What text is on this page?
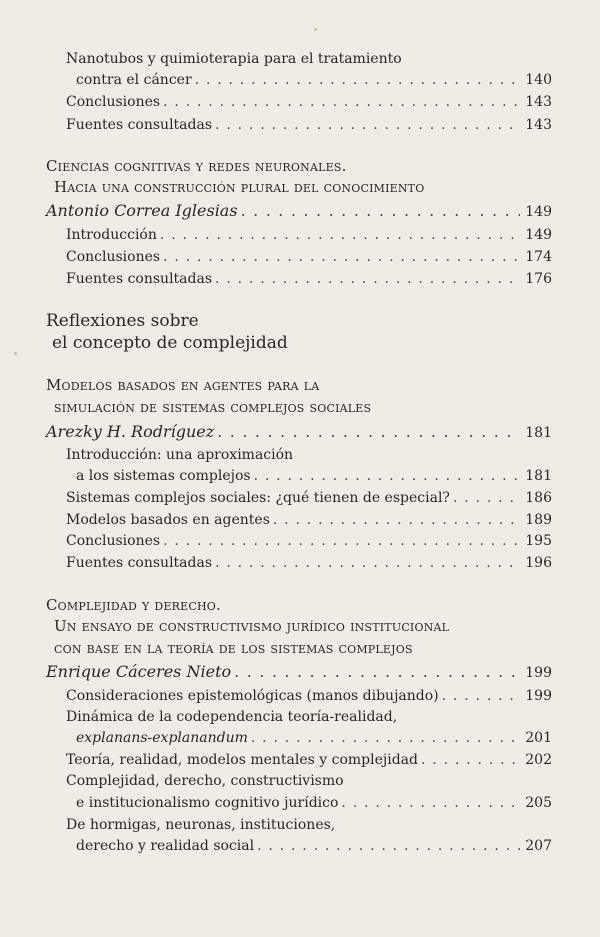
Nanotubos y quimioterapia para el tratamiento
contra el cáncer . . .	140
Conclusiones . . .	143
Fuentes consultadas . . .	143
Ciencias cognitivas y redes neuronales.
Hacia una construcción plural del conocimiento
Antonio Correa Iglesias . . .	149
Introducción . . .	149
Conclusiones . . .	174
Fuentes consultadas . . .	176
Reflexiones sobre
el concepto de complejidad
Modelos basados en agentes para la
simulación de sistemas complejos sociales
Arezky H. Rodríguez . . .	181
Introducción: una aproximación
a los sistemas complejos . . .	181
Sistemas complejos sociales: ¿qué tienen de especial? . . .	186
Modelos basados en agentes . . .	189
Conclusiones . . .	195
Fuentes consultadas . . .	196
Complejidad y derecho.
Un ensayo de constructivismo jurídico institucional
con base en la teoría de los sistemas complejos
Enrique Cáceres Nieto . . .	199
Consideraciones epistemológicas (manos dibujando) . . .	199
Dinámica de la codependencia teoría-realidad,
explanans-explanandum . . .	201
Teoría, realidad, modelos mentales y complejidad . . .	202
Complejidad, derecho, constructivismo
e institucionalismo cognitivo jurídico . . .	205
De hormigas, neuronas, instituciones,
derecho y realidad social . . .	207
